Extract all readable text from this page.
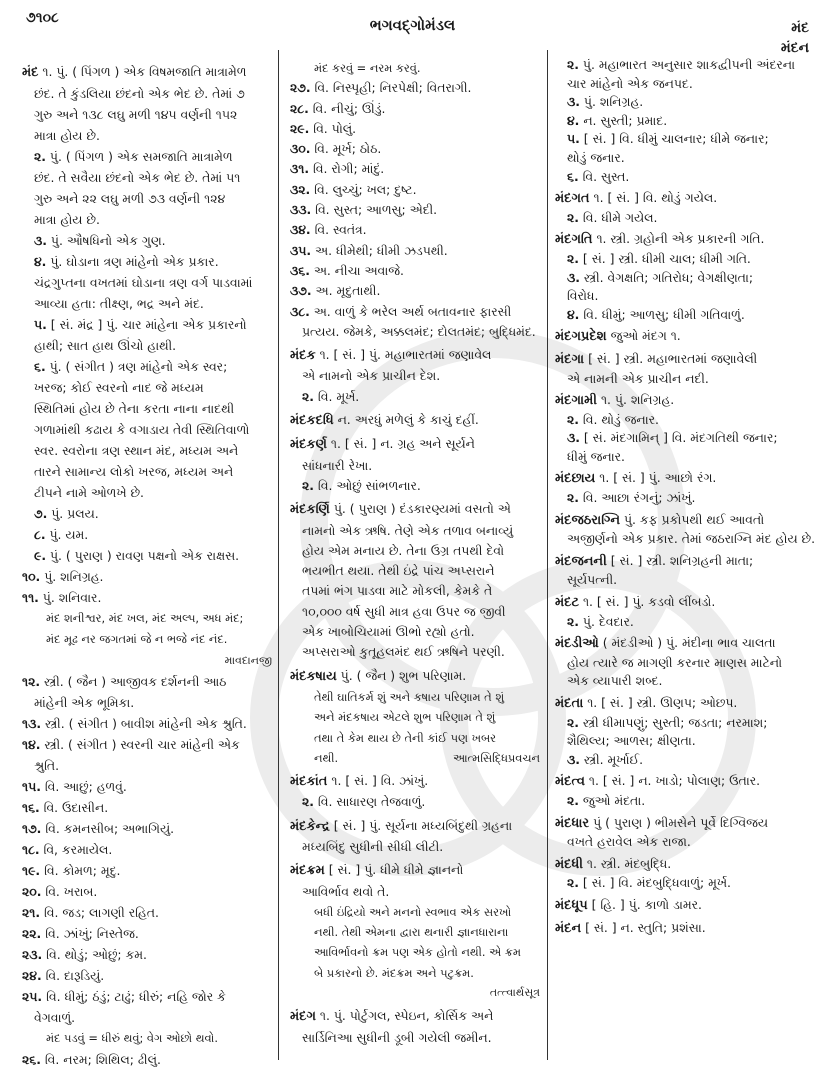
૭૧૦૮	ભગવદ્ગોમંડલ	મંદ
મંદન
મંદ ૧. પું. ( પિંગળ ) એક વિષમજાતિ માત્રામેળ
છંદ. તે કુંડલિયા છંદનો એક ભેદ છે. તેમાં ૭
ગુરુ અને ૧૩૮ લઘુ મળી ૧૪૫ વર્ણની ૧૫૨
માત્રા હોય છે.
૨. પું. ( પિંગળ ) એક સમજાતિ માત્રામેળ
છંદ. તે સવૈયા છંદનો એક ભેદ છે. તેમાં ૫૧
ગુરુ અને ૨૨ લઘુ મળી ૭૩ વર્ણની ૧૨૪
માત્રા હોય છે.
૩. પું. ઔષધિનો એક ગુણ.
૪. પું. ઘોડાના ત્રણ માંહેનો એક પ્રકાર.
ચંદ્રગુપ્તના વખતમાં ઘોડાના ત્રણ વર્ગ પાડવામાં
આવ્યા હતા: તીક્ષ્ણ, ભદ્ર અને મંદ.
૫. [ સં. મંદ્ર ] પું. ચાર માંહેના એક પ્રકારનો
હાથી; સાત હાથ ઊંચો હાથી.
૬. પું. ( સંગીત ) ત્રણ માંહેનો એક સ્વર;
ખરજ; કોઈ સ્વરનો નાદ જે મધ્યમ
સ્થિતિમાં હોય છે તેના કરતા નાના નાદથી
ગળામાંથી કઢાય કે વગાડાય તેવી સ્થિતિવાળો
સ્વર. સ્વરોના ત્રણ સ્થાન મંદ, મધ્યમ અને
તારને સામાન્ય લોકો ખરજ, મધ્યમ અને
ટીપને નામે ઓળખે છે.
૭. પું. પ્રલય.
૮. પું. યમ.
૯. પું. ( પુરાણ ) રાવણ પક્ષનો એક રાક્ષસ.
૧૦. પું. શનિગ્રહ.
૧૧. પું. શનિવાર.
મંદ શનીશ્વર, મંદ ખલ, મંદ અલ્પ, અધ મંદ;
મંદ મૂઢ નર જગતમાં જે ન ભજે નંદ નંદ.
માવદાનજી
૧૨. સ્ત્રી. ( જૈન ) આજીવક દર્શનની આઠ
માંહેની એક ભૂમિકા.
૧૩. સ્ત્રી. ( સંગીત ) બાવીશ માંહેની એક શ્રુતિ.
૧૪. સ્ત્રી. ( સંગીત ) સ્વરની ચાર માંહેની એક
શ્રુતિ.
૧૫. વિ. આછું; હળવું.
૧૬. વિ. ઉદાસીન.
૧૭. વિ. કમનસીબ; અભાગિયું.
૧૮. વિ, કરમાયેલ.
૧૯. વિ. કોમળ; મૃદુ.
૨૦. વિ. ખરાબ.
૨૧. વિ. જડ; લાગણી રહિત.
૨૨. વિ. ઝાંખું; નિસ્તેજ.
૨૩. વિ. થોડું; ઓછું; કમ.
૨૪. વિ. દારૂડિયું.
૨૫. વિ. ધીમું; ઠંડું; ટાઢું; ધીરું; નહિ જોર કે
વેગવાળું.
મંદ પડવું = ધીરું થવું; વેગ ઓછો થવો.
૨૬. વિ. નરમ; શિથિલ; ઢીલું.
મંદ કરવું = નરમ કરવું.
૨૭. વિ. નિસ્પૃહી; નિરપેક્ષી; વિતરાગી.
૨૮. વિ. નીચું; ઊંડું.
૨૯. વિ. પોલું.
૩૦. વિ. મૂર્ખ; ઠોઠ.
૩૧. વિ. રોગી; માંદું.
૩૨. વિ. લુચ્ચું; ખલ; દુષ્ટ.
૩૩. વિ. સુસ્ત; આળસુ; એદી.
૩૪. વિ. સ્વતંત્ર.
૩૫. અ. ધીમેથી; ધીમી ઝડપથી.
૩૬. અ. નીચા અવાજે.
૩૭. અ. મૃદુતાથી.
૩૮. અ. વાળું કે ભરેલ અર્થ બતાવનાર ફારસી
પ્રત્યય. જેમકે, અક્કલમંદ; દોલતમંદ; બુદ્ધિમંદ.
મંદક ૧. [ સં. ] પું. મહાભારતમાં જણાવેલ
એ નામનો એક પ્રાચીન દેશ.
૨. વિ. મૂર્ખ.
મંદકદધિ ન. અરધું મળેલું કે કાચું દહીં.
મંદકર્ણ ૧. [ સં. ] ન. ગ્રહ અને સૂર્યને
સાંધનારી રેખા.
૨. વિ. ઓછું સાંભળનાર.
મંદકર્ણિ પું. ( પુરાણ ) દંડકારણ્યમાં વસતો એ
નામનો એક ઋષિ. તેણે એક તળાવ બનાવ્યું
હોય એમ મનાય છે. તેના ઉગ્ર તપથી દેવો
ભયભીત થયા. તેથી ઇંદ્રે પાંચ અપ્સરાને
તપમાં ભંગ પાડવા માટે મોકલી, કેમકે તે
૧૦,૦૦૦ વર્ષ સુધી માત્ર હવા ઉપર જ જીવી
એક ખાબોચિયામાં ઊભો રહ્યો હતો.
અપ્સરાઓ કુતૂહલમંદ થઈ ઋષિને પરણી.
મંદકષાય પું. ( જૈન ) શુભ પરિણામ.
તેથી ઘાતિકર્મ શું અને કષાય પરિણામ તે શું
અને મંદકષાય એટલે શુભ પરિણામ તે શું
તથા તે કેમ થાય છે તેની કાંઈ પણ ખબર
નથી.	આત્મસિદ્ધિપ્રવચન
મંદકાંત ૧. [ સં. ] વિ. ઝાંખું.
૨. વિ. સાધારણ તેજવાળું.
મંદકેન્દ્ર [ સં. ] પું. સૂર્યના મધ્યબિંદુથી ગ્રહના
મધ્યબિંદુ સુધીની સીધી લીટી.
મંદક્રમ [ સં. ] પું. ધીમે ધીમે જ્ઞાનનો
આવિર્ભાવ થવો તે.
બધી ઇંદ્રિયો અને મનનો સ્વભાવ એક સરખો
નથી. તેથી એમના દ્વારા થનારી જ્ઞાનધારાના
આવિર્ભાવનો ક્રમ પણ એક હોતો નથી. એ ક્રમ
બે પ્રકારનો છે. મંદક્રમ અને પટુક્રમ.
તત્ત્વાર્થસૂત્ર
મંદગ ૧. પું. પોર્ટુગલ, સ્પેઇન, કોર્સિક અને
સાર્ડિનિઆ સુધીની ડૂબી ગયેલી જમીન.
૨. પું. મહાભારત અનુસાર શાકદ્વીપની અંદરના
ચાર માંહેનો એક જનપદ.
૩. પું. શનિગ્રહ.
૪. ન. સુસ્તી; પ્રમાદ.
૫. [ સં. ] વિ. ધીમું ચાલનાર; ધીમે જનાર;
થોડું જનાર.
૬. વિ. સુસ્ત.
મંદગત ૧. [ સં. ] વિ. થોડું ગયેલ.
૨. વિ. ધીમે ગયેલ.
મંદગતિ ૧. સ્ત્રી. ગ્રહોની એક પ્રકારની ગતિ.
૨. [ સં. ] સ્ત્રી. ધીમી ચાલ; ધીમી ગતિ.
૩. સ્ત્રી. વેગક્ષતિ; ગતિરોધ; વેગક્ષીણતા;
વિરોધ.
૪. વિ. ધીમું; આળસુ; ધીમી ગતિવાળું.
મંદગપ્રદેશ જુઓ મંદગ ૧.
મંદગા [ સં. ] સ્ત્રી. મહાભારતમાં જણાવેલી
એ નામની એક પ્રાચીન નદી.
મંદગામી ૧. પું. શનિગ્રહ.
૨. વિ. થોડું જનાર.
૩. [ સં. મંદગામિન્ ] વિ. મંદગતિથી જનાર;
ધીમું જનાર.
મંદછાય ૧. [ સં. ] પું. આછો રંગ.
૨. વિ. આછા રંગનું; ઝાંખું.
મંદજઠરાગ્નિ પું. કફ પ્રકોપથી થઈ આવતો
અજીર્ણનો એક પ્રકાર. તેમાં જઠરાગ્નિ મંદ હોય છે.
મંદજનની [ સં. ] સ્ત્રી. શનિગ્રહની માતા;
સૂર્યપત્ની.
મંદટ ૧. [ સં. ] પું. કડવો લીંબડો.
૨. પું. દેવદાર.
મંદડીઓ ( મંદડીઓ ) પું. મંદીના ભાવ ચાલતા
હોય ત્યારે જ માગણી કરનાર માણસ માટેનો
એક વ્યાપારી શબ્દ.
મંદતા ૧. [ સં. ] સ્ત્રી. ઊણપ; ઓછપ.
૨. સ્ત્રી ધીમાપણું; સુસ્તી; જડતા; નરમાશ;
શૈથિલ્ય; આળસ; ક્ષીણતા.
૩. સ્ત્રી. મૂર્ખાઈ.
મંદત્વ ૧. [ સં. ] ન. ખાડો; પોલાણ; ઉતાર.
૨. જુઓ મંદતા.
મંદધાર પું ( પુરાણ ) ભીમસેને પૂર્વે દિગ્વિજય
વખતે હરાવેલ એક રાજા.
મંદધી ૧. સ્ત્રી. મંદબુદ્ધિ.
૨. [ સં. ] વિ. મંદબુદ્ધિવાળું; મૂર્ખ.
મંદધૂપ [ હિ. ] પું. કાળો ડામર.
મંદન [ સં. ] ન. સ્તુતિ; પ્રશંસા.
